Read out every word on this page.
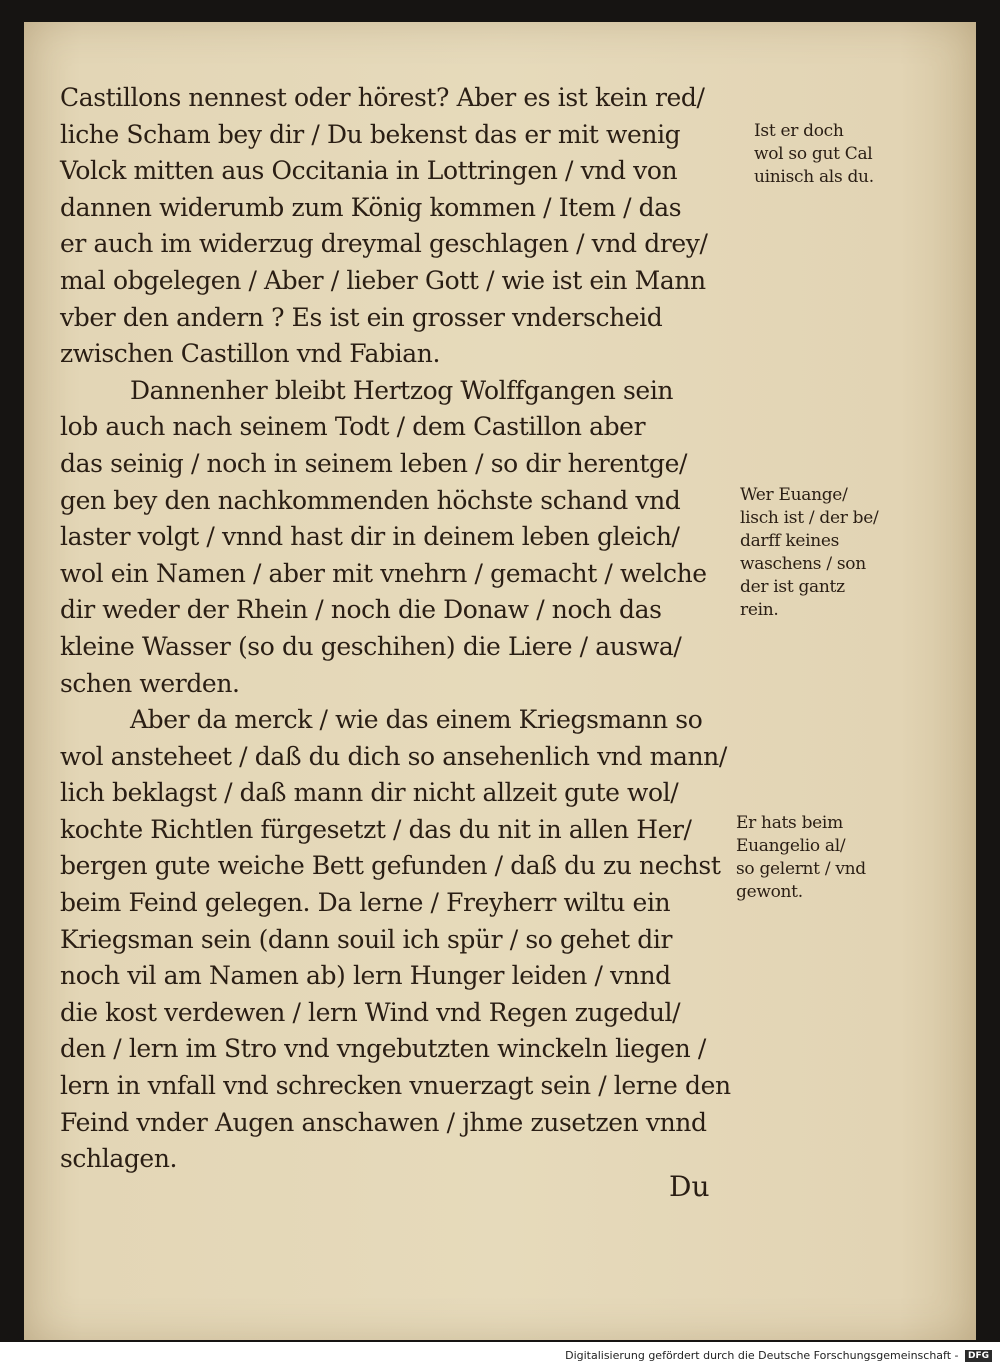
Castillons nennest oder hörest? Aber es ist kein red/
liche Scham bey dir / Du bekenst das er mit wenig
Volck mitten aus Occitania in Lottringen / vnd von
dannen widerumb zum König kommen / Item / das
er auch im widerzug dreymal geschlagen / vnd drey/
mal obgelegen / Aber / lieber Gott / wie ist ein Mann
vber den andern ? Es ist ein grosser vnderscheid
zwischen Castillon vnd Fabian.
Dannenher bleibt Hertzog Wolffgangen sein
lob auch nach seinem Todt / dem Castillon aber
das seinig / noch in seinem leben / so dir herentge/
gen bey den nachkommenden höchste schand vnd
laster volgt / vnnd hast dir in deinem leben gleich/
wol ein Namen / aber mit vnehrn / gemacht / welche
dir weder der Rhein / noch die Donaw / noch das
kleine Wasser (so du geschihen) die Liere / auswa/
schen werden.
Aber da merck / wie das einem Kriegsmann so
wol ansteheet / daß du dich so ansehenlich vnd mann/
lich beklagst / daß mann dir nicht allzeit gute wol/
kochte Richtlen fürgesetzt / das du nit in allen Her/
bergen gute weiche Bett gefunden / daß du zu nechst
beim Feind gelegen. Da lerne / Freyherr wiltu ein
Kriegsman sein (dann souil ich spür / so gehet dir
noch vil am Namen ab) lern Hunger leiden / vnnd
die kost verdewen / lern Wind vnd Regen zugedul/
den / lern im Stro vnd vngebutzten winckeln liegen /
lern in vnfall vnd schrecken vnuerzagt sein / lerne den
Feind vnder Augen anschawen / jhme zusetzen vnnd
schlagen.
Du
Ist er doch
wol so gut Cal
uinisch als du.
Wer Euange/
lisch ist / der be/
darff keines
waschens / son
der ist gantz
rein.
Er hats beim
Euangelio al/
so gelernt / vnd
gewont.
Digitalisierung gefördert durch die Deutsche Forschungsgemeinschaft - DFG
